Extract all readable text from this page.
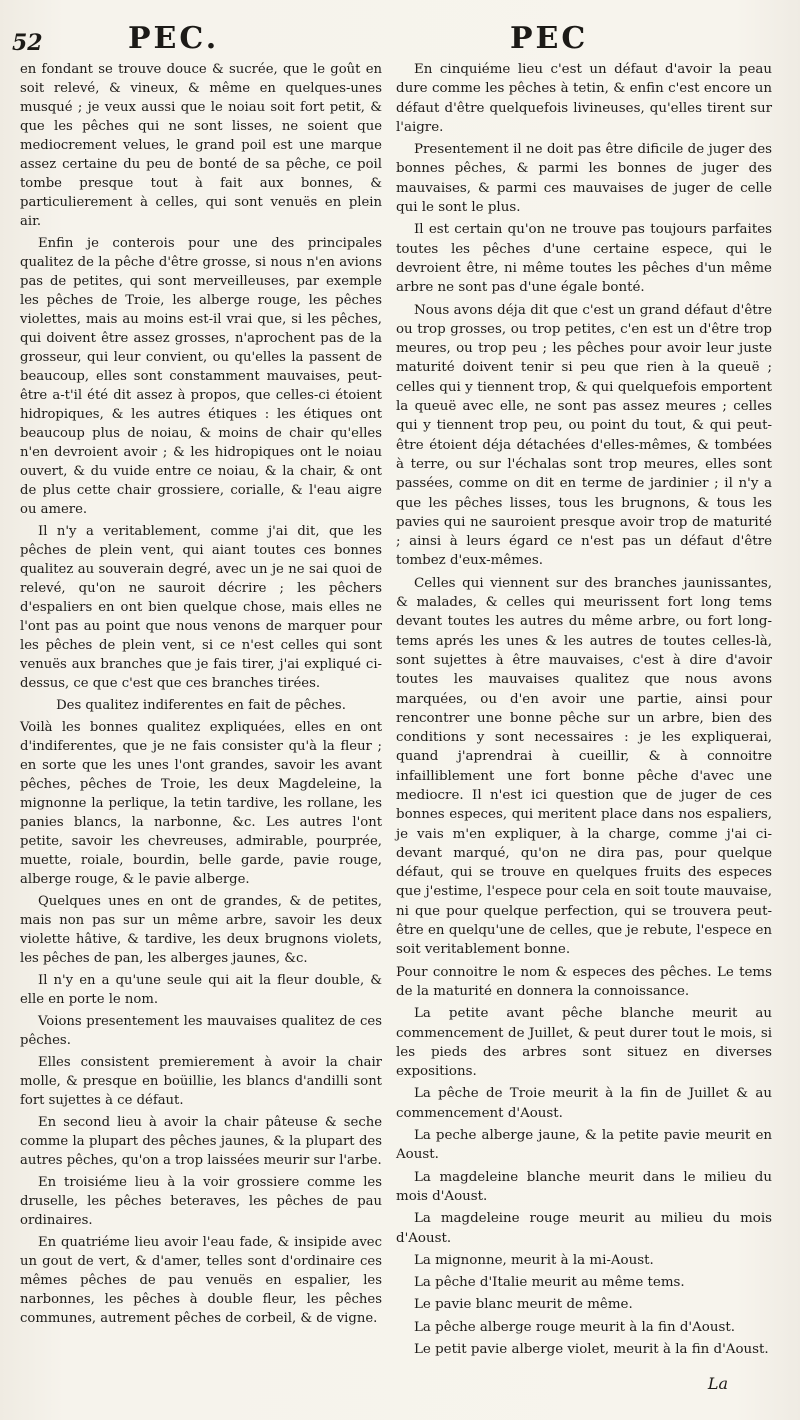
52	PEC.	PEC

en fondant se trouve douce & sucrée, que le goût en soit relevé, & vineux, & même en quelques-unes musqué ; je veux aussi que le noiau soit fort petit, & que les pêches qui ne sont lisses, ne soient que mediocrement velues, le grand poil est une marque assez certaine du peu de bonté de sa pêche, ce poil tombe presque tout à fait aux bonnes, & particulierement à celles, qui sont venuës en plein air.

Enfin je conterois pour une des principales qualitez de la pêche d'être grosse, si nous n'en avions pas de petites, qui sont merveilleuses, par exemple les pêches de Troie, les alberge rouge, les pêches violettes, mais au moins est-il vrai que, si les pêches, qui doivent être assez grosses, n'aprochent pas de la grosseur, qui leur convient, ou qu'elles la passent de beaucoup, elles sont constamment mauvaises, peut-être a-t'il été dit assez à propos, que celles-ci étoient hidropiques, & les autres étiques : les étiques ont beaucoup plus de noiau, & moins de chair qu'elles n'en devroient avoir ; & les hidropiques ont le noiau ouvert, & du vuide entre ce noiau, & la chair, & ont de plus cette chair grossiere, corialle, & l'eau aigre ou amere.

Il n'y a veritablement, comme j'ai dit, que les pêches de plein vent, qui aiant toutes ces bonnes qualitez au souverain degré, avec un je ne sai quoi de relevé, qu'on ne sauroit décrire ; les pêchers d'espaliers en ont bien quelque chose, mais elles ne l'ont pas au point que nous venons de marquer pour les pêches de plein vent, si ce n'est celles qui sont venuës aux branches que je fais tirer, j'ai expliqué ci-dessus, ce que c'est que ces branches tirées.

Des qualitez indiferentes en fait de pêches.

Voilà les bonnes qualitez expliquées, elles en ont d'indiferentes, que je ne fais consister qu'à la fleur ; en sorte que les unes l'ont grandes, savoir les avant pêches, pêches de Troie, les deux Magdeleine, la mignonne la perlique, la tetin tardive, les rollane, les panies blancs, la narbonne, &c. Les autres l'ont petite, savoir les chevreuses, admirable, pourprée, muette, roiale, bourdin, belle garde, pavie rouge, alberge rouge, & le pavie alberge.

Quelques unes en ont de grandes, & de petites, mais non pas sur un même arbre, savoir les deux violette hâtive, & tardive, les deux brugnons violets, les pêches de pan, les alberges jaunes, &c.

Il n'y en a qu'une seule qui ait la fleur double, & elle en porte le nom.

Voions presentement les mauvaises qualitez de ces pêches.

Elles consistent premierement à avoir la chair molle, & presque en boüillie, les blancs d'andilli sont fort sujettes à ce défaut.

En second lieu à avoir la chair pâteuse & seche comme la plupart des pêches jaunes, & la plupart des autres pêches, qu'on a trop laissées meurir sur l'arbe.

En troisiéme lieu à la voir grossiere comme les druselle, les pêches beteraves, les pêches de pau ordinaires.

En quatriéme lieu avoir l'eau fade, & insipide avec un gout de vert, & d'amer, telles sont d'ordinaire ces mêmes pêches de pau venuës en espalier, les narbonnes, les pêches à double fleur, les pêches communes, autrement pêches de corbeil, & de vigne.

En cinquiéme lieu c'est un défaut d'avoir la peau dure comme les pêches à tetin, & enfin c'est encore un défaut d'être quelquefois livineuses, qu'elles tirent sur l'aigre.

Presentement il ne doit pas être dificile de juger des bonnes pêches, & parmi les bonnes de juger des mauvaises, & parmi ces mauvaises de juger de celle qui le sont le plus.

Il est certain qu'on ne trouve pas toujours parfaites toutes les pêches d'une certaine espece, qui le devroient être, ni même toutes les pêches d'un même arbre ne sont pas d'une égale bonté.

Nous avons déja dit que c'est un grand défaut d'être ou trop grosses, ou trop petites, c'en est un d'être trop meures, ou trop peu ; les pêches pour avoir leur juste maturité doivent tenir si peu que rien à la queuë ; celles qui y tiennent trop, & qui quelquefois emportent la queuë avec elle, ne sont pas assez meures ; celles qui y tiennent trop peu, ou point du tout, & qui peut-être étoient déja détachées d'elles-mêmes, & tombées à terre, ou sur l'échalas sont trop meures, elles sont passées, comme on dit en terme de jardinier ; il n'y a que les pêches lisses, tous les brugnons, & tous les pavies qui ne sauroient presque avoir trop de maturité ; ainsi à leurs égard ce n'est pas un défaut d'être tombez d'eux-mêmes.

Celles qui viennent sur des branches jaunissantes, & malades, & celles qui meurissent fort long tems devant toutes les autres du même arbre, ou fort long-tems aprés les unes & les autres de toutes celles-là, sont sujettes à être mauvaises, c'est à dire d'avoir toutes les mauvaises qualitez que nous avons marquées, ou d'en avoir une partie, ainsi pour rencontrer une bonne pêche sur un arbre, bien des conditions y sont necessaires : je les expliquerai, quand j'aprendrai à cueillir, & à connoitre infailliblement une fort bonne pêche d'avec une mediocre. Il n'est ici question que de juger de ces bonnes especes, qui meritent place dans nos espaliers, je vais m'en expliquer, à la charge, comme j'ai ci-devant marqué, qu'on ne dira pas, pour quelque défaut, qui se trouve en quelques fruits des especes que j'estime, l'espece pour cela en soit toute mauvaise, ni que pour quelque perfection, qui se trouvera peut-être en quelqu'une de celles, que je rebute, l'espece en soit veritablement bonne.

Pour connoitre le nom & especes des pêches. Le tems de la maturité en donnera la connoissance.

La petite avant pêche blanche meurit au commencement de Juillet, & peut durer tout le mois, si les pieds des arbres sont situez en diverses expositions.

La pêche de Troie meurit à la fin de Juillet & au commencement d'Aoust.

La peche alberge jaune, & la petite pavie meurit en Aoust.

La magdeleine blanche meurit dans le milieu du mois d'Aoust.

La magdeleine rouge meurit au milieu du mois d'Aoust.

La mignonne, meurit à la mi-Aoust.

La pêche d'Italie meurit au même tems.

Le pavie blanc meurit de même.

La pêche alberge rouge meurit à la fin d'Aoust.

Le petit pavie alberge violet, meurit à la fin d'Aoust.

La
